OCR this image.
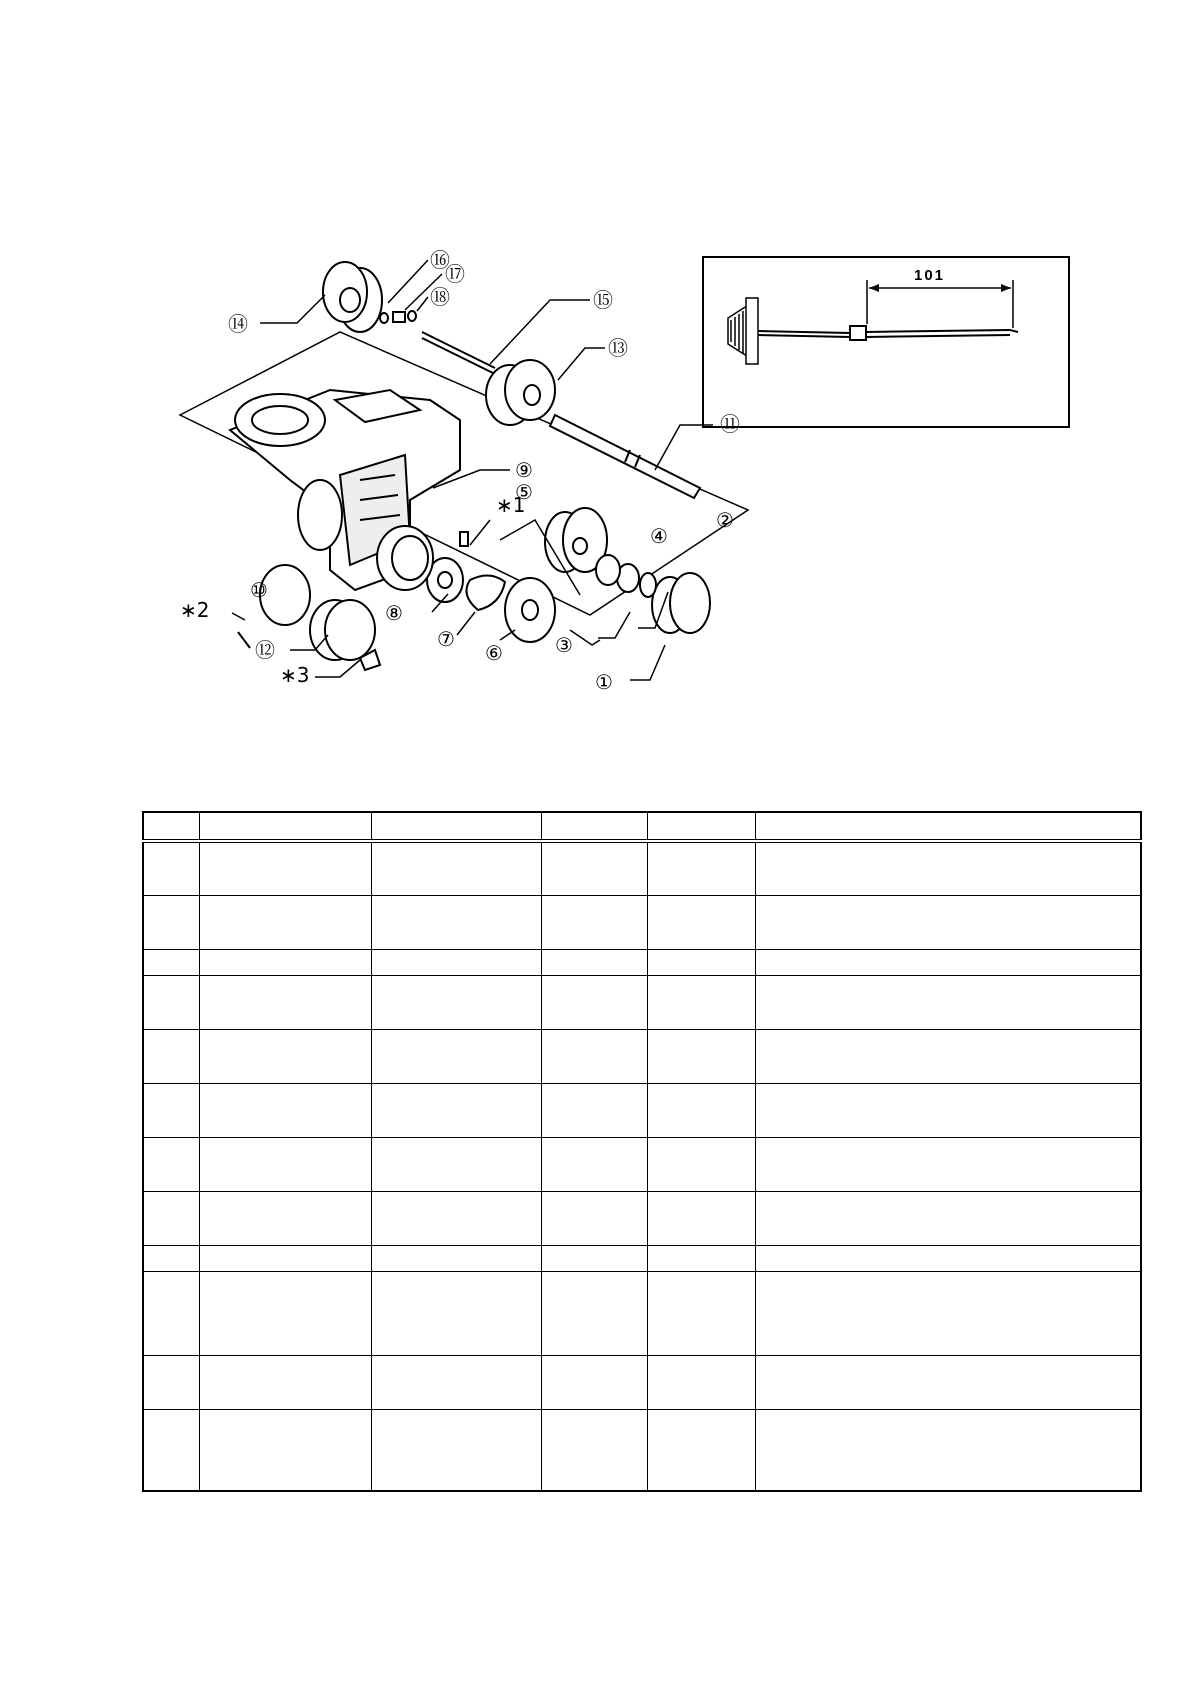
101
①
②
③
④
⑤
⑥
⑦
⑧
⑨
⑩
⑪
⑫
⑬
⑭
⑮
⑯
⑰
⑱
∗1
∗2
∗3
